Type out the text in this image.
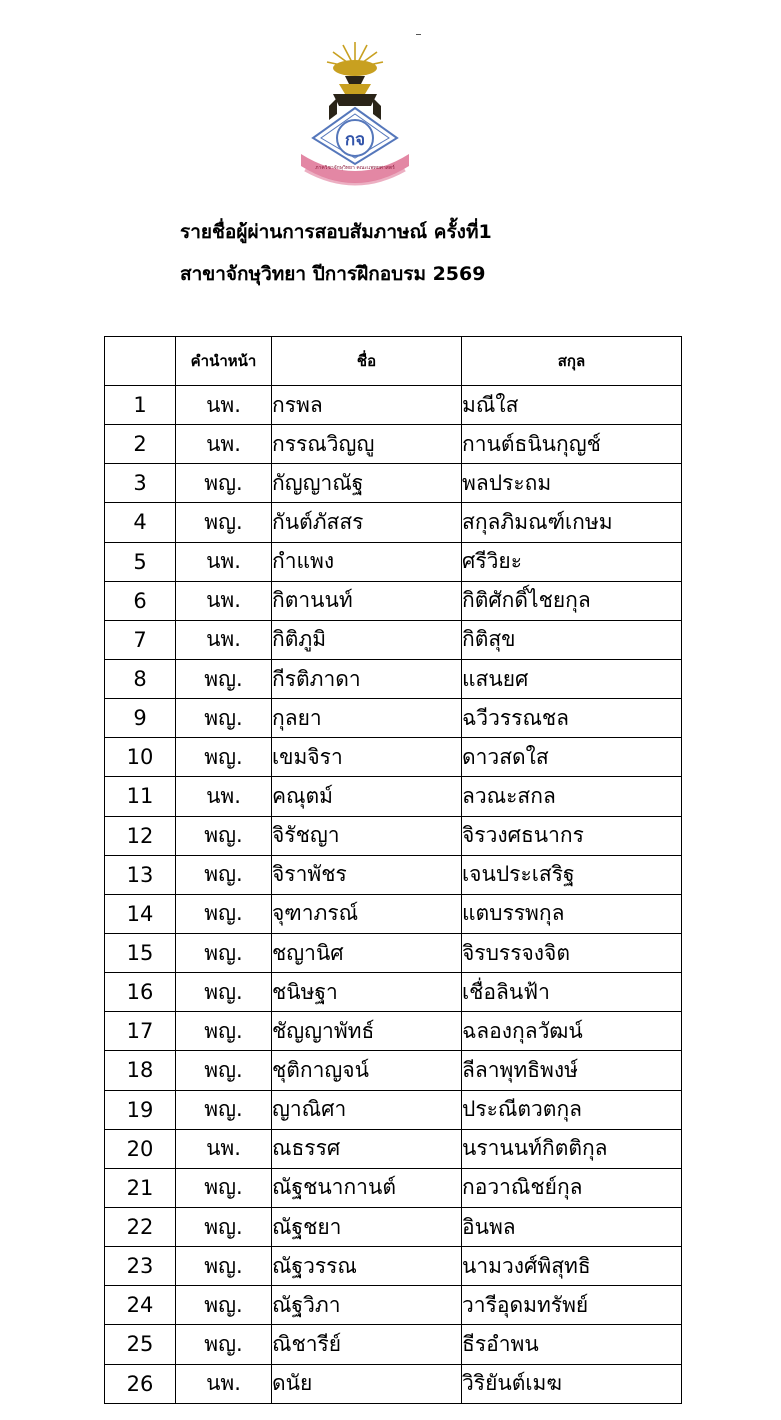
กจ
ภาควิชาจักษุวิทยา คณะแพทยศาสตร์
รายชื่อผู้ผ่านการสอบสัมภาษณ์ ครั้งที่1
สาขาจักษุวิทยา ปีการฝึกอบรม 2569
	คำนำหน้า	ชื่อ	สกุล
1	นพ.	กรพล	มณีใส
2	นพ.	กรรณวิญญู	กานต์ธนินกุญช์
3	พญ.	กัญญาณัฐ	พลประถม
4	พญ.	กันต์ภัสสร	สกุลภิมณฑ์เกษม
5	นพ.	กำแพง	ศรีวิยะ
6	นพ.	กิตานนท์	กิติศักดิ์ไชยกุล
7	นพ.	กิติภูมิ	กิติสุข
8	พญ.	กีรติภาดา	แสนยศ
9	พญ.	กุลยา	ฉวีวรรณชล
10	พญ.	เขมจิรา	ดาวสดใส
11	นพ.	คณุตม์	ลวณะสกล
12	พญ.	จิรัชญา	จิรวงศธนากร
13	พญ.	จิราพัชร	เจนประเสริฐ
14	พญ.	จุฑาภรณ์	แตบรรพกุล
15	พญ.	ชญานิศ	จิรบรรจงจิต
16	พญ.	ชนิษฐา	เชื่อลินฟ้า
17	พญ.	ชัญญาพัทธ์	ฉลองกุลวัฒน์
18	พญ.	ชุติกาญจน์	ลีลาพุทธิพงษ์
19	พญ.	ญาณิศา	ประณีตวตกุล
20	นพ.	ณธรรศ	นรานนท์กิตติกุล
21	พญ.	ณัฐชนากานต์	กอวาณิชย์กุล
22	พญ.	ณัฐชยา	อินพล
23	พญ.	ณัฐวรรณ	นามวงศ์พิสุทธิ
24	พญ.	ณัฐวิภา	วารีอุดมทรัพย์
25	พญ.	ณิชารีย์	ธีรอำพน
26	นพ.	ดนัย	วิริยันต์เมฆ
